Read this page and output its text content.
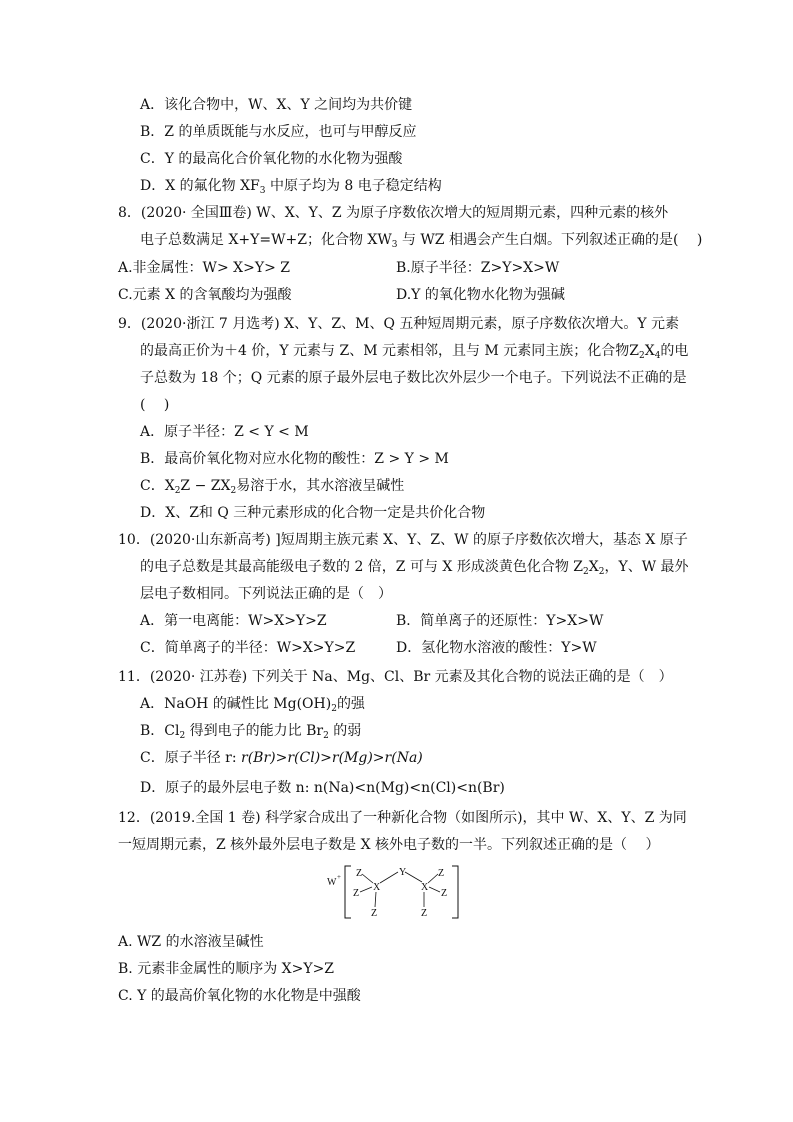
A．该化合物中，W、X、Y 之间均为共价键
B．Z 的单质既能与水反应，也可与甲醇反应
C．Y 的最高化合价氧化物的水化物为强酸
D．X 的氟化物 $XF_3$ 中原子均为 8 电子稳定结构
8．(2020· 全国Ⅲ卷) W、X、Y、Z 为原子序数依次增大的短周期元素，四种元素的核外
电子总数满足 X+Y=W+Z；化合物 $XW_3$ 与 WZ 相遇会产生白烟。下列叙述正确的是(　 )
A.非金属性：W> X>Y> Z	B.原子半径：Z>Y>X>W
C.元素 X 的含氧酸均为强酸	D.Y 的氧化物水化物为强碱
9．(2020·浙江 7 月选考) X、Y、Z、M、Q 五种短周期元素，原子序数依次增大。Y 元素
的最高正价为＋4 价，Y 元素与 Z、M 元素相邻，且与 M 元素同主族；化合物$Z_2X_4$的电
子总数为 18 个；Q 元素的原子最外层电子数比次外层少一个电子。下列说法不正确的是
(　 )
A．原子半径：Z < Y < M
B．最高价氧化物对应水化物的酸性：Z > Y > M
C．$X_2Z - ZX_2$易溶于水，其水溶液呈碱性
D．X、Z和 Q 三种元素形成的化合物一定是共价化合物
10．(2020·山东新高考) ]短周期主族元素 X、Y、Z、W 的原子序数依次增大，基态 X 原子
的电子总数是其最高能级电子数的 2 倍，Z 可与 X 形成淡黄色化合物 $Z_2X_2$，Y、W 最外
层电子数相同。下列说法正确的是（　）
A．第一电离能：W>X>Y>Z	B．简单离子的还原性：Y>X>W
C．简单离子的半径：W>X>Y>Z	D．氢化物水溶液的酸性：Y>W
11．(2020· 江苏卷) 下列关于 Na、Mg、Cl、Br 元素及其化合物的说法正确的是（　）
A．NaOH 的碱性比 $Mg(OH)_2$的强
B．$Cl_2$ 得到电子的能力比 $Br_2$ 的弱
C．原子半径 r: r(Br)>r(Cl)>r(Mg)>r(Na)
D．原子的最外层电子数 n: n(Na)<n(Mg)<n(Cl)<n(Br)
12．(2019.全国 1 卷) 科学家合成出了一种新化合物（如图所示)，其中 W、X、Y、Z 为同
一短周期元素，Z 核外最外层电子数是 X 核外电子数的一半。下列叙述正确的是（　 ）
W + Z
X
Z
Z
Y
X
Z
Z
Z
A. WZ 的水溶液呈碱性
B. 元素非金属性的顺序为 X>Y>Z
C. Y 的最高价氧化物的水化物是中强酸
